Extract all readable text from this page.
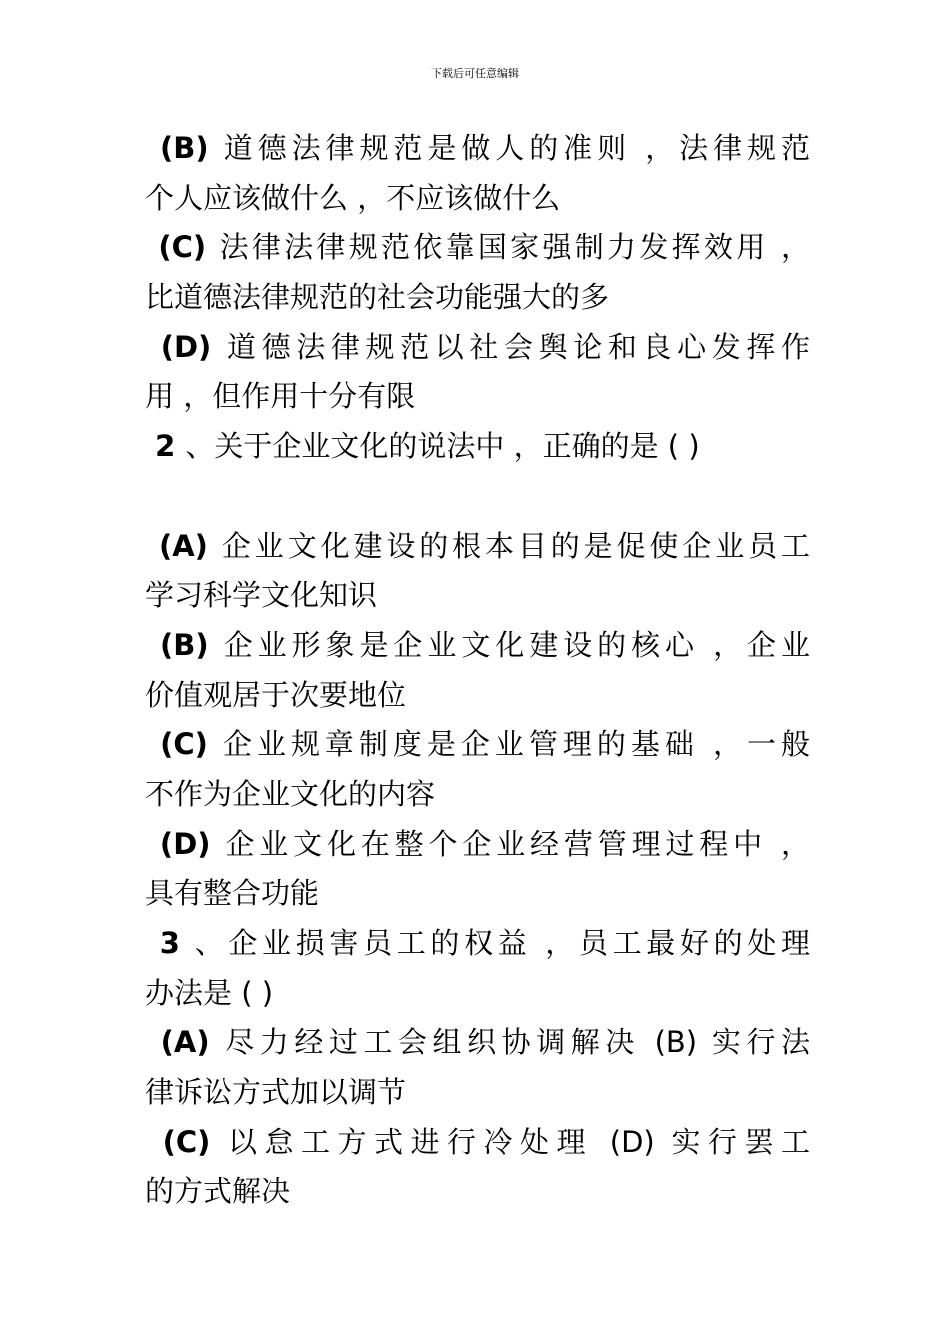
下载后可任意编辑
(B) 道德法律规范是做人的准则 ，法律规范
个人应该做什么 ，不应该做什么
(C) 法律法律规范依靠国家强制力发挥效用 ，
比道德法律规范的社会功能强大的多
(D) 道德法律规范以社会舆论和良心发挥作
用 ，但作用十分有限
2 、关于企业文化的说法中 ，正确的是 ( )
(A) 企业文化建设的根本目的是促使企业员工
学习科学文化知识
(B) 企业形象是企业文化建设的核心 ，企业
价值观居于次要地位
(C) 企业规章制度是企业管理的基础 ，一般
不作为企业文化的内容
(D) 企业文化在整个企业经营管理过程中 ，
具有整合功能
3 、企业损害员工的权益 ，员工最好的处理
办法是 ( )
(A) 尽力经过工会组织协调解决 (B) 实行法
律诉讼方式加以调节
(C) 以怠工方式进行冷处理 (D) 实行罢工
的方式解决
